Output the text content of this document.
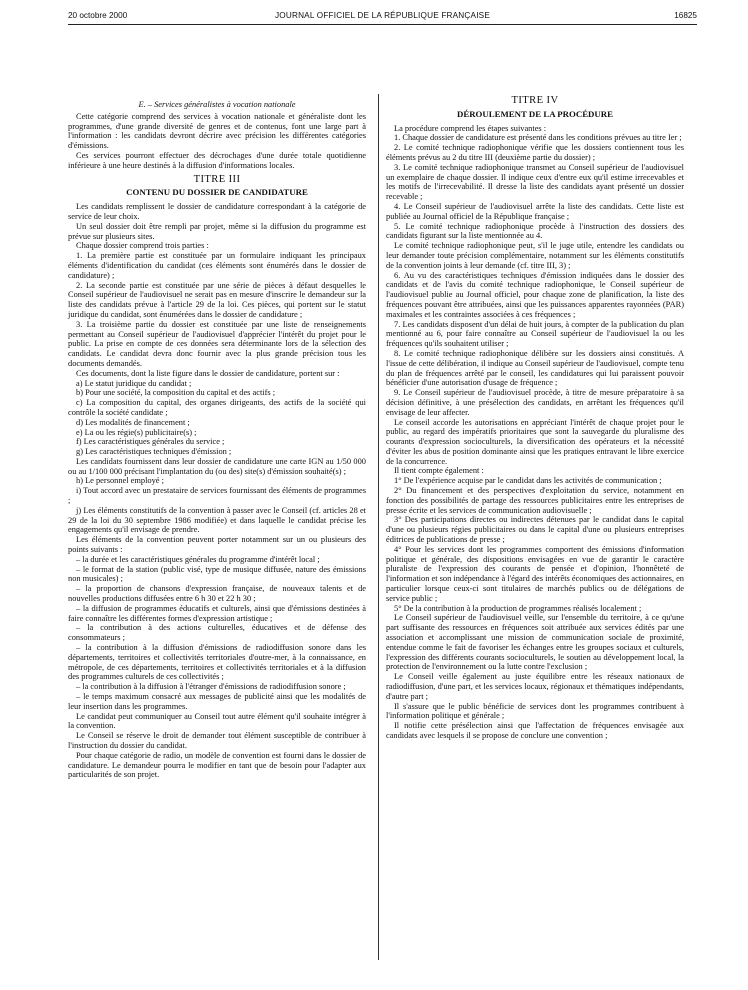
20 octobre 2000	JOURNAL OFFICIEL DE LA RÉPUBLIQUE FRANÇAISE	16825
E. – Services généralistes à vocation nationale

Cette catégorie comprend des services à vocation nationale et généraliste dont les programmes, d'une grande diversité de genres et de contenus, font une large part à l'information : les candidats devront décrire avec précision les différentes catégories d'émissions.

Ces services pourront effectuer des décrochages d'une durée totale quotidienne inférieure à une heure destinés à la diffusion d'informations locales.

TITRE III
CONTENU DU DOSSIER DE CANDIDATURE

Les candidats remplissent le dossier de candidature correspondant à la catégorie de service de leur choix.

Un seul dossier doit être rempli par projet, même si la diffusion du programme est prévue sur plusieurs sites.

Chaque dossier comprend trois parties :

1. La première partie est constituée par un formulaire indiquant les principaux éléments d'identification du candidat (ces éléments sont énumérés dans le dossier de candidature) ;

2. La seconde partie est constituée par une série de pièces à défaut desquelles le Conseil supérieur de l'audiovisuel ne serait pas en mesure d'inscrire le demandeur sur la liste des candidats prévue à l'article 29 de la loi. Ces pièces, qui portent sur le statut juridique du candidat, sont énumérées dans le dossier de candidature ;

3. La troisième partie du dossier est constituée par une liste de renseignements permettant au Conseil supérieur de l'audiovisuel d'apprécier l'intérêt du projet pour le public. La prise en compte de ces données sera déterminante lors de la sélection des candidats. Le candidat devra donc fournir avec la plus grande précision tous les documents demandés.

Ces documents, dont la liste figure dans le dossier de candidature, portent sur :

a) Le statut juridique du candidat ;

b) Pour une société, la composition du capital et des actifs ;

c) La composition du capital, des organes dirigeants, des actifs de la société qui contrôle la société candidate ;

d) Les modalités de financement ;

e) La ou les régie(s) publicitaire(s) ;

f) Les caractéristiques générales du service ;

g) Les caractéristiques techniques d'émission ;

Les candidats fournissent dans leur dossier de candidature une carte IGN au 1/50 000 ou au 1/100 000 précisant l'implantation du (ou des) site(s) d'émission souhaité(s) ;

h) Le personnel employé ;

i) Tout accord avec un prestataire de services fournissant des éléments de programmes ;

j) Les éléments constitutifs de la convention à passer avec le Conseil (cf. articles 28 et 29 de la loi du 30 septembre 1986 modifiée) et dans laquelle le candidat précise les engagements qu'il envisage de prendre.

Les éléments de la convention peuvent porter notamment sur un ou plusieurs des points suivants :

– la durée et les caractéristiques générales du programme d'intérêt local ;

– le format de la station (public visé, type de musique diffusée, nature des émissions non musicales) ;

– la proportion de chansons d'expression française, de nouveaux talents et de nouvelles productions diffusées entre 6 h 30 et 22 h 30 ;

– la diffusion de programmes éducatifs et culturels, ainsi que d'émissions destinées à faire connaître les différentes formes d'expression artistique ;

– la contribution à des actions culturelles, éducatives et de défense des consommateurs ;

– la contribution à la diffusion d'émissions de radiodiffusion sonore dans les départements, territoires et collectivités territoriales d'outre-mer, à la connaissance, en métropole, de ces départements, territoires et collectivités territoriales et à la diffusion des programmes culturels de ces collectivités ;

– la contribution à la diffusion à l'étranger d'émissions de radiodiffusion sonore ;

– le temps maximum consacré aux messages de publicité ainsi que les modalités de leur insertion dans les programmes.

Le candidat peut communiquer au Conseil tout autre élément qu'il souhaite intégrer à la convention.

Le Conseil se réserve le droit de demander tout élément susceptible de contribuer à l'instruction du dossier du candidat.

Pour chaque catégorie de radio, un modèle de convention est fourni dans le dossier de candidature. Le demandeur pourra le modifier en tant que de besoin pour l'adapter aux particularités de son projet.

TITRE IV
DÉROULEMENT DE LA PROCÉDURE

La procédure comprend les étapes suivantes :

1. Chaque dossier de candidature est présenté dans les conditions prévues au titre Ier ;

2. Le comité technique radiophonique vérifie que les dossiers contiennent tous les éléments prévus au 2 du titre III (deuxième partie du dossier) ;

3. Le comité technique radiophonique transmet au Conseil supérieur de l'audiovisuel un exemplaire de chaque dossier. Il indique ceux d'entre eux qu'il estime irrecevables et les motifs de l'irrecevabilité. Il dresse la liste des candidats ayant présenté un dossier recevable ;

4. Le Conseil supérieur de l'audiovisuel arrête la liste des candidats. Cette liste est publiée au Journal officiel de la République française ;

5. Le comité technique radiophonique procède à l'instruction des dossiers des candidats figurant sur la liste mentionnée au 4.

Le comité technique radiophonique peut, s'il le juge utile, entendre les candidats ou leur demander toute précision complémentaire, notamment sur les éléments constitutifs de la convention joints à leur demande (cf. titre III, 3) ;

6. Au vu des caractéristiques techniques d'émission indiquées dans le dossier des candidats et de l'avis du comité technique radiophonique, le Conseil supérieur de l'audiovisuel publie au Journal officiel, pour chaque zone de planification, la liste des fréquences pouvant être attribuées, ainsi que les puissances apparentes rayonnées (PAR) maximales et les contraintes associées à ces fréquences ;

7. Les candidats disposent d'un délai de huit jours, à compter de la publication du plan mentionné au 6, pour faire connaître au Conseil supérieur de l'audiovisuel la ou les fréquences qu'ils souhaitent utiliser ;

8. Le comité technique radiophonique délibère sur les dossiers ainsi constitués. A l'issue de cette délibération, il indique au Conseil supérieur de l'audiovisuel, compte tenu du plan de fréquences arrêté par le conseil, les candidatures qui lui paraissent pouvoir bénéficier d'une autorisation d'usage de fréquence ;

9. Le Conseil supérieur de l'audiovisuel procède, à titre de mesure préparatoire à sa décision définitive, à une présélection des candidats, en arrêtant les fréquences qu'il envisage de leur affecter.

Le conseil accorde les autorisations en appréciant l'intérêt de chaque projet pour le public, au regard des impératifs prioritaires que sont la sauvegarde du pluralisme des courants d'expression socioculturels, la diversification des opérateurs et la nécessité d'éviter les abus de position dominante ainsi que les pratiques entravant le libre exercice de la concurrence.

Il tient compte également :

1° De l'expérience acquise par le candidat dans les activités de communication ;

2° Du financement et des perspectives d'exploitation du service, notamment en fonction des possibilités de partage des ressources publicitaires entre les entreprises de presse écrite et les services de communication audiovisuelle ;

3° Des participations directes ou indirectes détenues par le candidat dans le capital d'une ou plusieurs régies publicitaires ou dans le capital d'une ou plusieurs entreprises éditrices de publications de presse ;

4° Pour les services dont les programmes comportent des émissions d'information politique et générale, des dispositions envisagées en vue de garantir le caractère pluraliste de l'expression des courants de pensée et d'opinion, l'honnêteté de l'information et son indépendance à l'égard des intérêts économiques des actionnaires, en particulier lorsque ceux-ci sont titulaires de marchés publics ou de délégations de service public ;

5° De la contribution à la production de programmes réalisés localement ;

Le Conseil supérieur de l'audiovisuel veille, sur l'ensemble du territoire, à ce qu'une part suffisante des ressources en fréquences soit attribuée aux services édités par une association et accomplissant une mission de communication sociale de proximité, entendue comme le fait de favoriser les échanges entre les groupes sociaux et culturels, l'expression des différents courants socioculturels, le soutien au développement local, la protection de l'environnement ou la lutte contre l'exclusion ;

Le Conseil veille également au juste équilibre entre les réseaux nationaux de radiodiffusion, d'une part, et les services locaux, régionaux et thématiques indépendants, d'autre part ;

Il s'assure que le public bénéficie de services dont les programmes contribuent à l'information politique et générale ;

Il notifie cette présélection ainsi que l'affectation de fréquences envisagée aux candidats avec lesquels il se propose de conclure une convention ;
